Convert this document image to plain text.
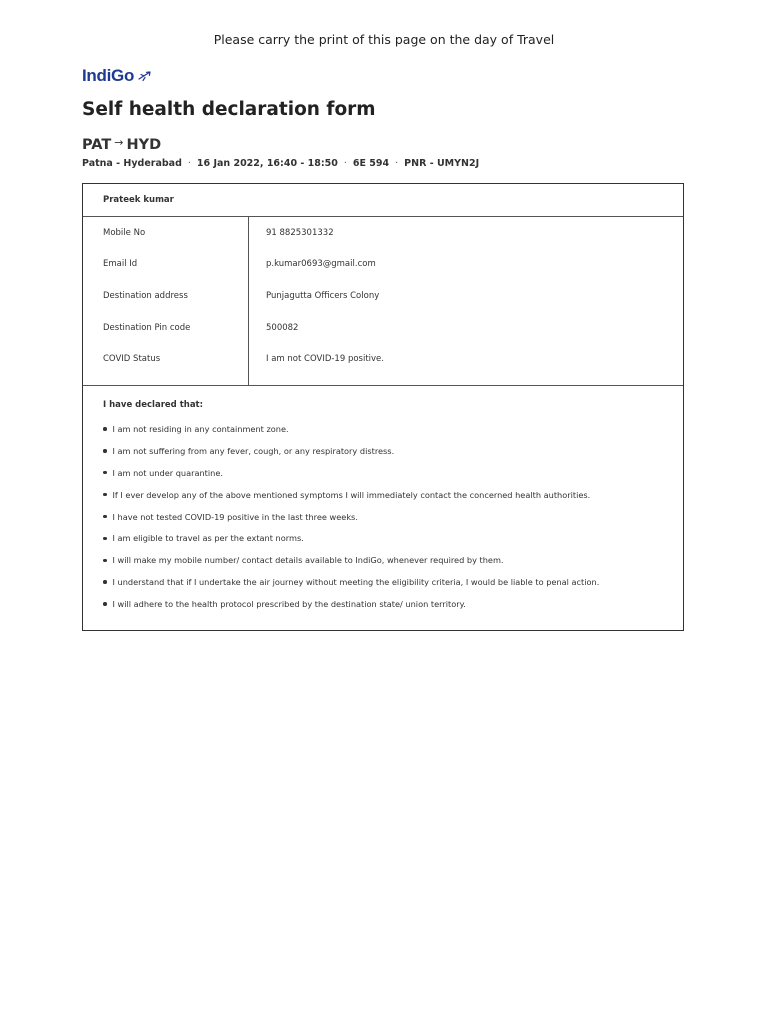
Please carry the print of this page on the day of Travel
IndiGo
Self health declaration form
PAT → HYD
Patna - Hyderabad · 16 Jan 2022, 16:40 - 18:50 · 6E 594 · PNR - UMYN2J
Prateek kumar
Mobile No	91 8825301332
Email Id	p.kumar0693@gmail.com
Destination address	Punjagutta Officers Colony
Destination Pin code	500082
COVID Status	I am not COVID-19 positive.

I have declared that:

I am not residing in any containment zone.
I am not suffering from any fever, cough, or any respiratory distress.
I am not under quarantine.
If I ever develop any of the above mentioned symptoms I will immediately contact the concerned health authorities.
I have not tested COVID-19 positive in the last three weeks.
I am eligible to travel as per the extant norms.
I will make my mobile number/ contact details available to IndiGo, whenever required by them.
I understand that if I undertake the air journey without meeting the eligibility criteria, I would be liable to penal action.
I will adhere to the health protocol prescribed by the destination state/ union territory.
